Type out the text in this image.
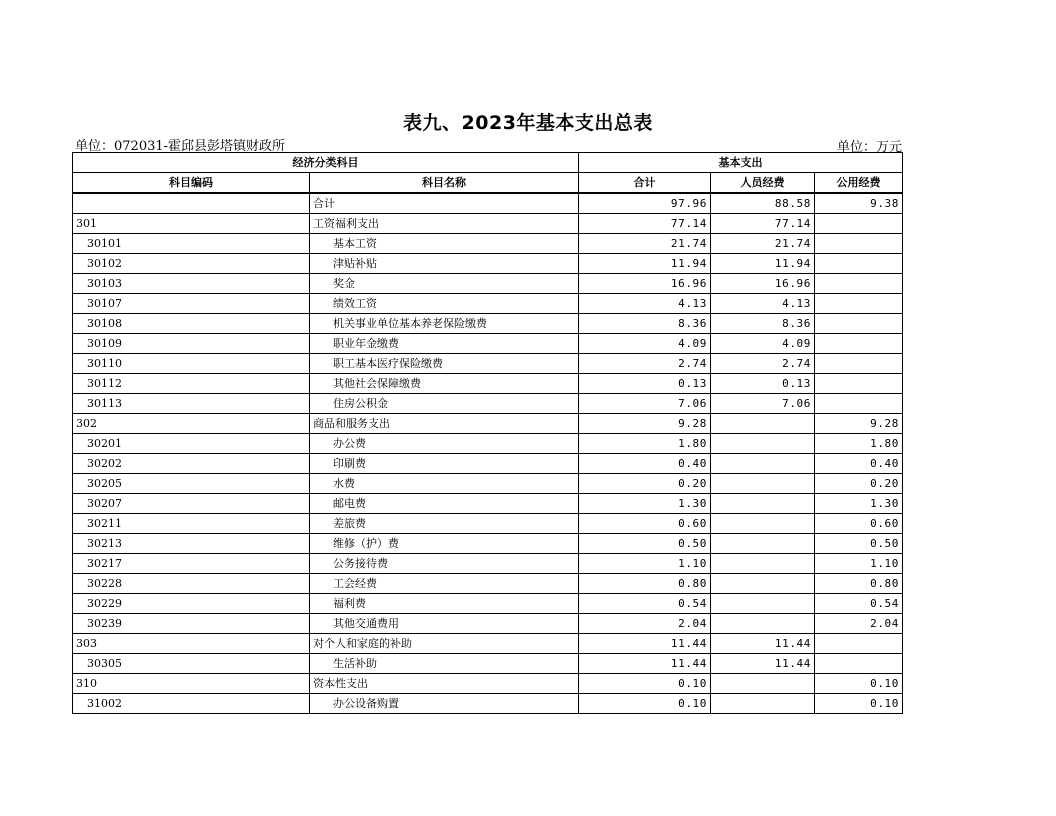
表九、2023年基本支出总表
单位：072031-霍邱县彭塔镇财政所	单位：万元
经济分类科目		基本支出		
科目编码	科目名称	合计	人员经费	公用经费
	合计	97.96	88.58	9.38
301	工资福利支出	77.14	77.14	
30101	基本工资	21.74	21.74	
30102	津贴补贴	11.94	11.94	
30103	奖金	16.96	16.96	
30107	绩效工资	4.13	4.13	
30108	机关事业单位基本养老保险缴费	8.36	8.36	
30109	职业年金缴费	4.09	4.09	
30110	职工基本医疗保险缴费	2.74	2.74	
30112	其他社会保障缴费	0.13	0.13	
30113	住房公积金	7.06	7.06	
302	商品和服务支出	9.28		9.28
30201	办公费	1.80		1.80
30202	印刷费	0.40		0.40
30205	水费	0.20		0.20
30207	邮电费	1.30		1.30
30211	差旅费	0.60		0.60
30213	维修（护）费	0.50		0.50
30217	公务接待费	1.10		1.10
30228	工会经费	0.80		0.80
30229	福利费	0.54		0.54
30239	其他交通费用	2.04		2.04
303	对个人和家庭的补助	11.44	11.44	
30305	生活补助	11.44	11.44	
310	资本性支出	0.10		0.10
31002	办公设备购置	0.10		0.10
